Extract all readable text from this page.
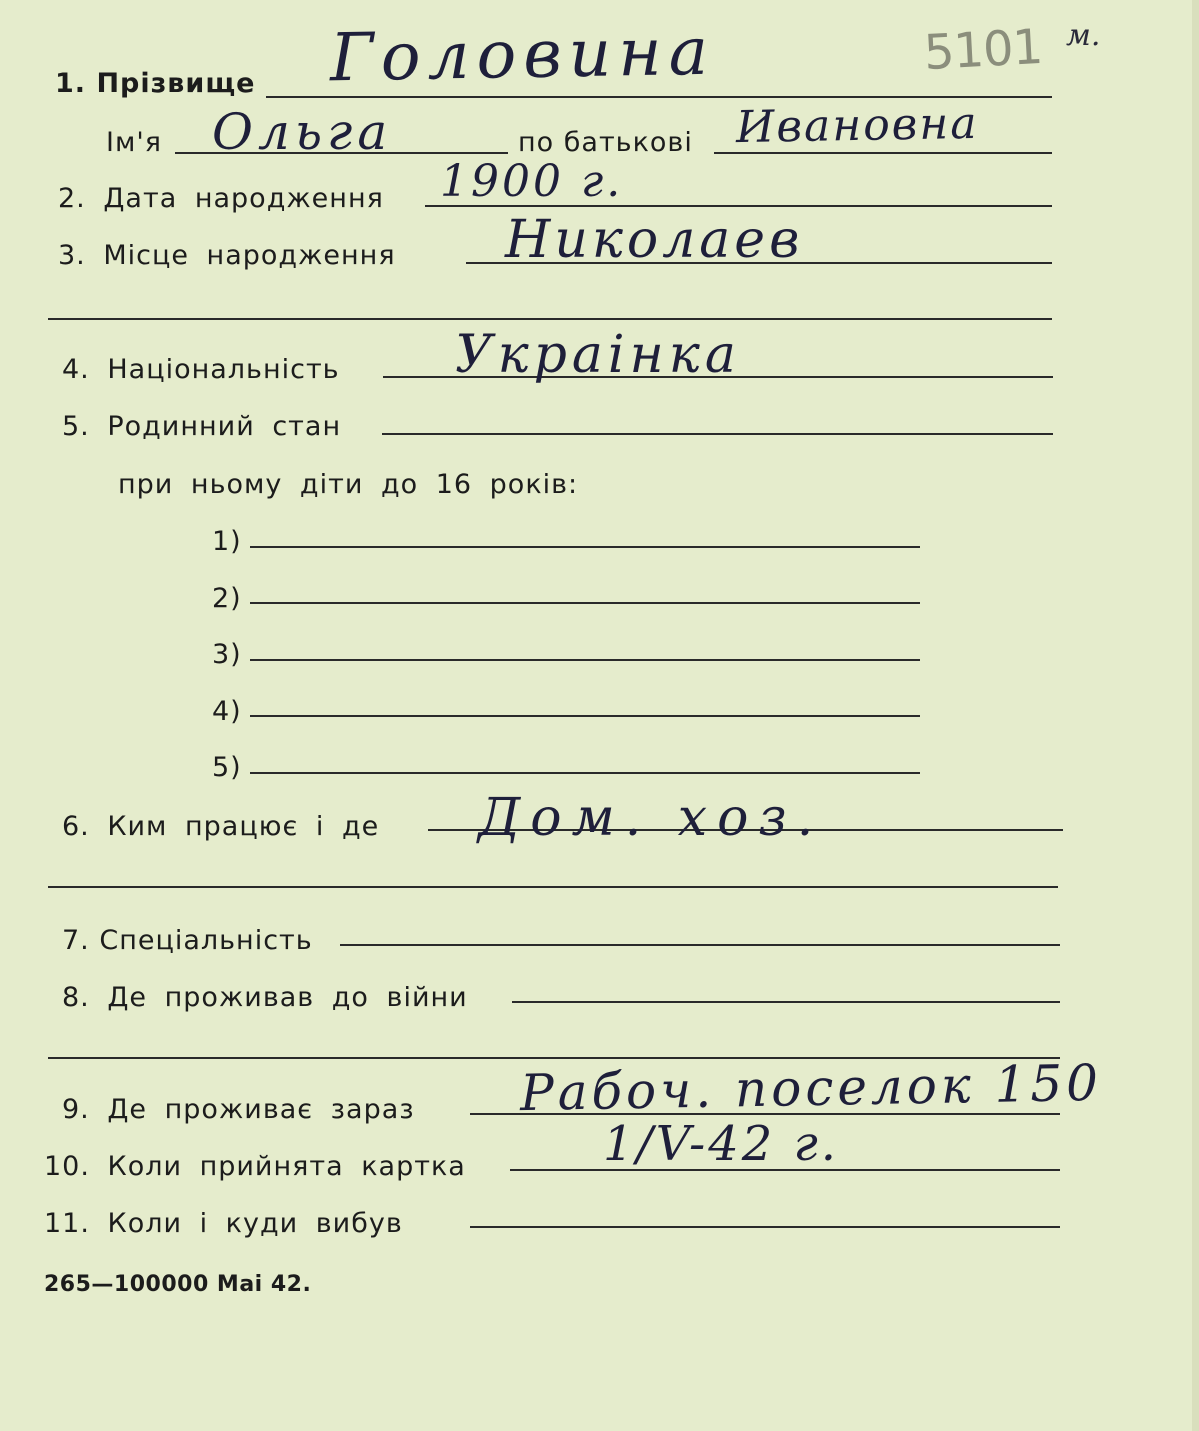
5101 м.
1. Прізвище Головина
Ім'я Ольга	по батькові Ивановна
2. Дата народження 1900 г.
3. Місце народження Николаев
4. Національність Украінка
5. Родинний стан
при ньому діти до 16 років:
1)
2)
3)
4)
5)
6. Ким працює і де Дом. хоз.
7. Спеціальність
8. Де проживав до війни
9. Де проживає зараз Рабоч. поселок 150
10. Коли прийнята картка	1/V-42 г.
11. Коли і куди вибув
265—100000 Mai 42.
